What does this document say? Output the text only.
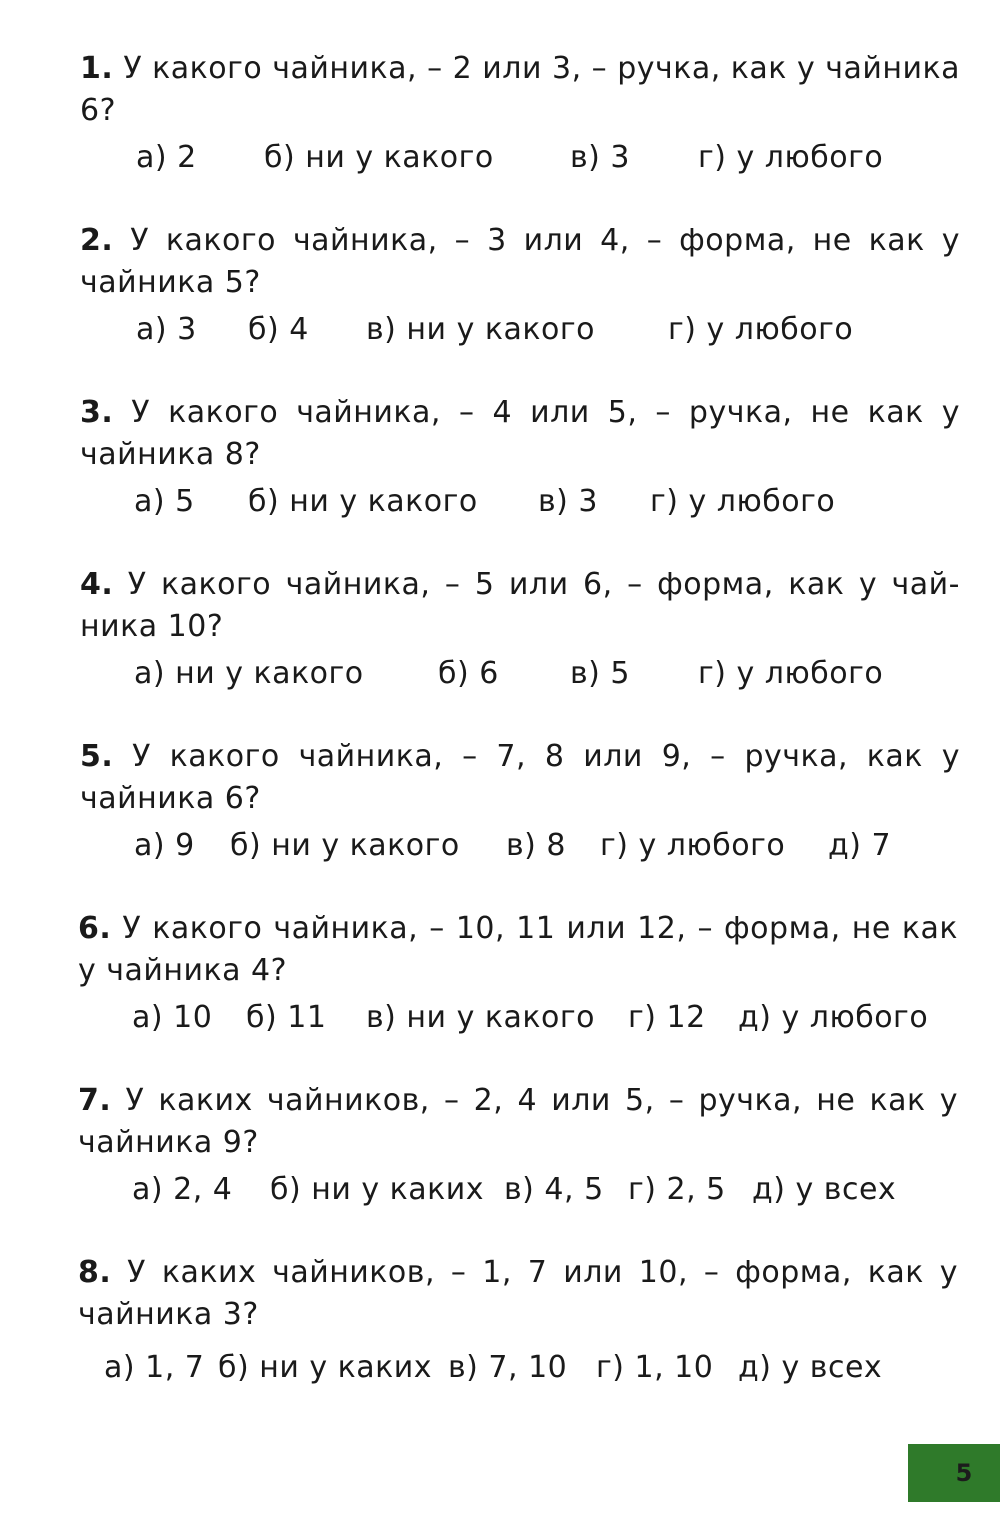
1. У какого чайника, – 2 или 3, – ручка, как у чайника 6?

а) 2	б) ни у какого	в) 3	г) у любого

2. У какого чайника, – 3 или 4, – форма, не как у чайника 5?

а) 3	б) 4	в) ни у какого	г) у любого

3. У какого чайника, – 4 или 5, – ручка, не как у чайника 8?

а) 5	б) ни у какого	в) 3	г) у любого

4. У какого чайника, – 5 или 6, – форма, как у чай-ника 10?

а) ни у какого	б) 6	в) 5	г) у любого

5. У какого чайника, – 7, 8 или 9, – ручка, как у чайника 6?

а) 9	б) ни у какого	в) 8	г) у любого	д) 7

6. У какого чайника, – 10, 11 или 12, – форма, не как у чайника 4?

а) 10	б) 11	в) ни у какого	г) 12	д) у любого

7. У каких чайников, – 2, 4 или 5, – ручка, не как у чайника 9?

а) 2, 4	б) ни у каких в) 4, 5 г) 2, 5 д) у всех

8. У каких чайников, – 1, 7 или 10, – форма, как у чайника 3?

а) 1, 7 б) ни у каких в) 7, 10 г) 1, 10 д) у всех
5
